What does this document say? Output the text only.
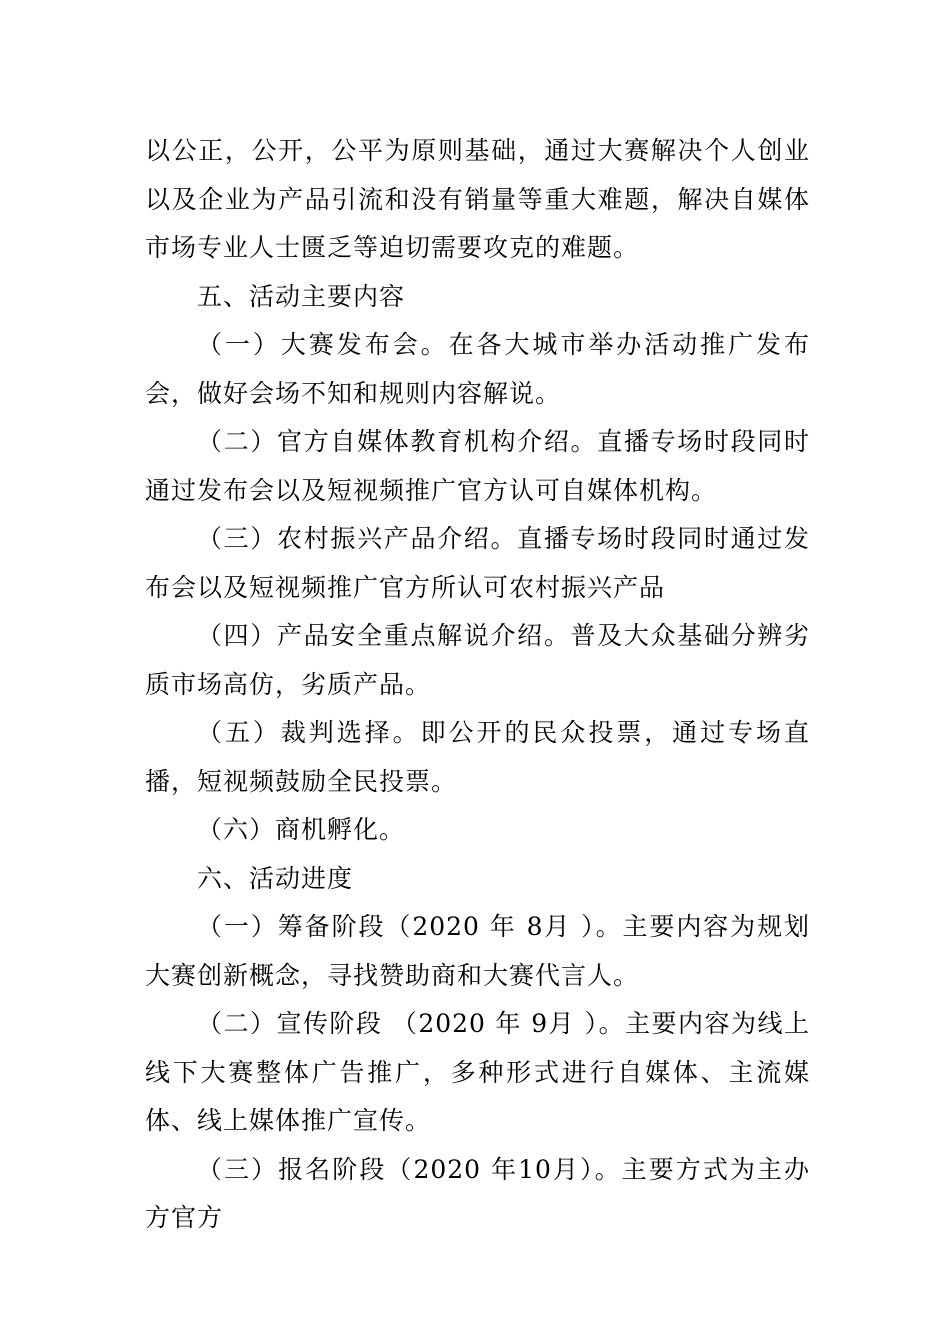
以公正，公开，公平为原则基础，通过大赛解决个人创业以及企业为产品引流和没有销量等重大难题，解决自媒体市场专业人士匮乏等迫切需要攻克的难题。

五、活动主要内容

（一）大赛发布会。在各大城市举办活动推广发布会，做好会场不知和规则内容解说。

（二）官方自媒体教育机构介绍。直播专场时段同时通过发布会以及短视频推广官方认可自媒体机构。

（三）农村振兴产品介绍。直播专场时段同时通过发布会以及短视频推广官方所认可农村振兴产品

（四）产品安全重点解说介绍。普及大众基础分辨劣质市场高仿，劣质产品。

（五）裁判选择。即公开的民众投票，通过专场直播，短视频鼓励全民投票。

（六）商机孵化。

六、活动进度

（一）筹备阶段（2020 年 8月 ）。主要内容为规划大赛创新概念，寻找赞助商和大赛代言人。

（二）宣传阶段 （2020 年 9月 ）。主要内容为线上线下大赛整体广告推广，多种形式进行自媒体、主流媒体、线上媒体推广宣传。

（三）报名阶段（2020 年10月）。主要方式为主办方官方
